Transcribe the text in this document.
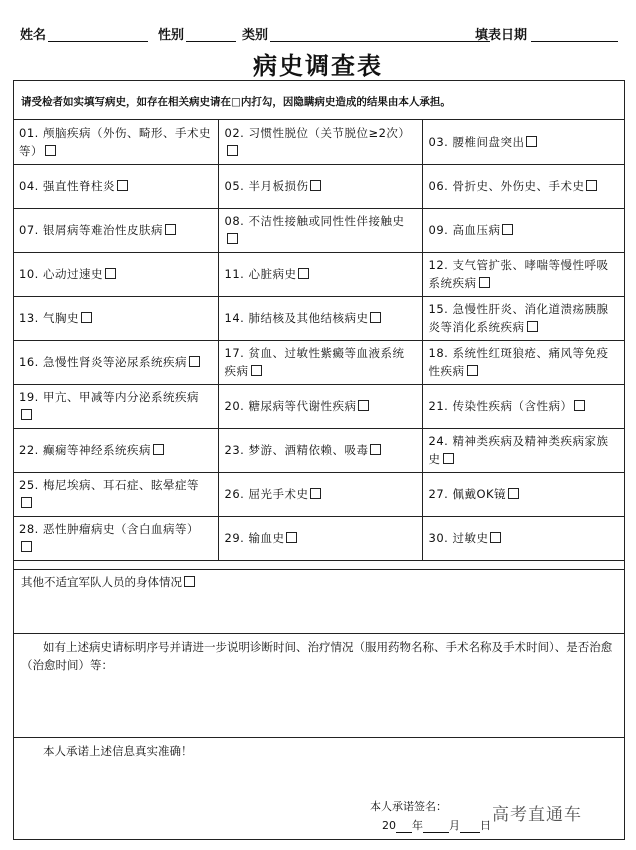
姓名	性别	类别	填表日期
病史调查表
请受检者如实填写病史，如存在相关病史请在□内打勾，因隐瞒病史造成的结果由本人承担。
01. 颅脑疾病（外伤、畸形、手术史等）	02. 习惯性脱位（关节脱位≥2次）	03. 腰椎间盘突出
04. 强直性脊柱炎	05. 半月板损伤	06. 骨折史、外伤史、手术史
07. 银屑病等难治性皮肤病	08. 不洁性接触或同性性伴接触史	09. 高血压病
10. 心动过速史	11. 心脏病史	12. 支气管扩张、哮喘等慢性呼吸系统疾病
13. 气胸史	14. 肺结核及其他结核病史	15. 急慢性肝炎、消化道溃疡胰腺炎等消化系统疾病
16. 急慢性肾炎等泌尿系统疾病	17. 贫血、过敏性紫癜等血液系统疾病	18. 系统性红斑狼疮、痛风等免疫性疾病
19. 甲亢、甲减等内分泌系统疾病	20. 糖尿病等代谢性疾病	21. 传染性疾病（含性病）
22. 癫痫等神经系统疾病	23. 梦游、酒精依赖、吸毒	24. 精神类疾病及精神类疾病家族史
25. 梅尼埃病、耳石症、眩晕症等	26. 屈光手术史	27. 佩戴OK镜
28. 恶性肿瘤病史（含白血病等）	29. 输血史	30. 过敏史
其他不适宜军队人员的身体情况
如有上述病史请标明序号并请进一步说明诊断时间、治疗情况（服用药物名称、手术名称及手术时间）、是否治愈（治愈时间）等：
本人承诺上述信息真实准确！
本人承诺签名：
20 年 月 日
高考直通车
